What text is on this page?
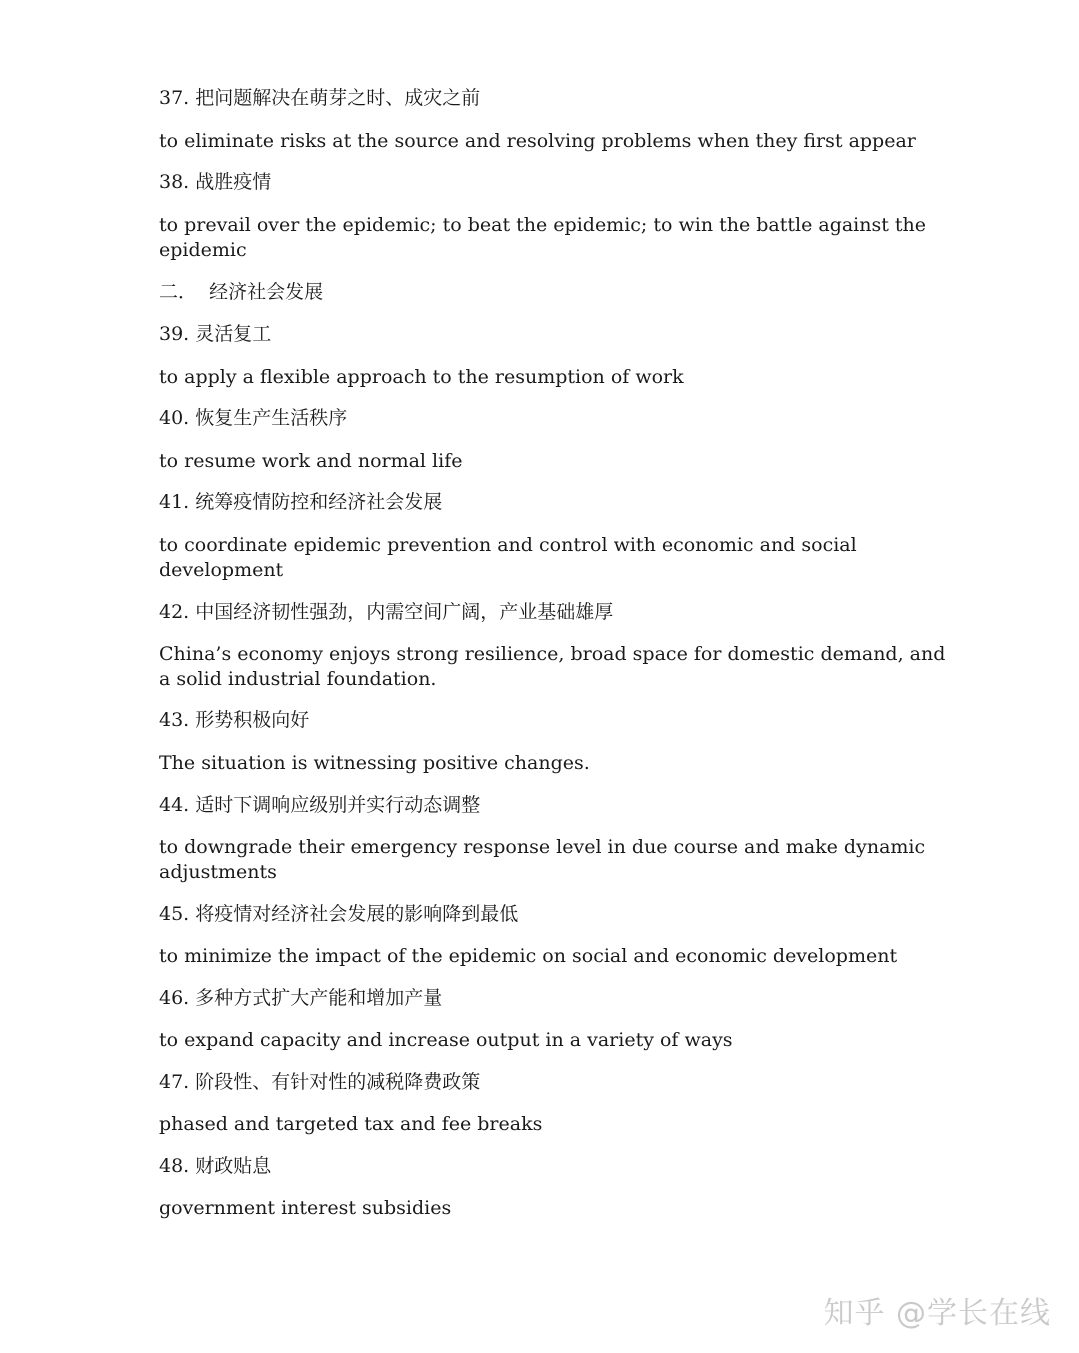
37. 把问题解决在萌芽之时、成灾之前
to eliminate risks at the source and resolving problems when they first appear
38. 战胜疫情
to prevail over the epidemic; to beat the epidemic; to win the battle against the epidemic
二．  经济社会发展
39. 灵活复工
to apply a flexible approach to the resumption of work
40. 恢复生产生活秩序
to resume work and normal life
41. 统筹疫情防控和经济社会发展
to coordinate epidemic prevention and control with economic and social development
42. 中国经济韧性强劲，内需空间广阔，产业基础雄厚
China’s economy enjoys strong resilience, broad space for domestic demand, and a solid industrial foundation.
43. 形势积极向好
The situation is witnessing positive changes.
44. 适时下调响应级别并实行动态调整
to downgrade their emergency response level in due course and make dynamic adjustments
45. 将疫情对经济社会发展的影响降到最低
to minimize the impact of the epidemic on social and economic development
46. 多种方式扩大产能和增加产量
to expand capacity and increase output in a variety of ways
47. 阶段性、有针对性的减税降费政策
phased and targeted tax and fee breaks
48. 财政贴息
government interest subsidies
知乎 @学长在线
